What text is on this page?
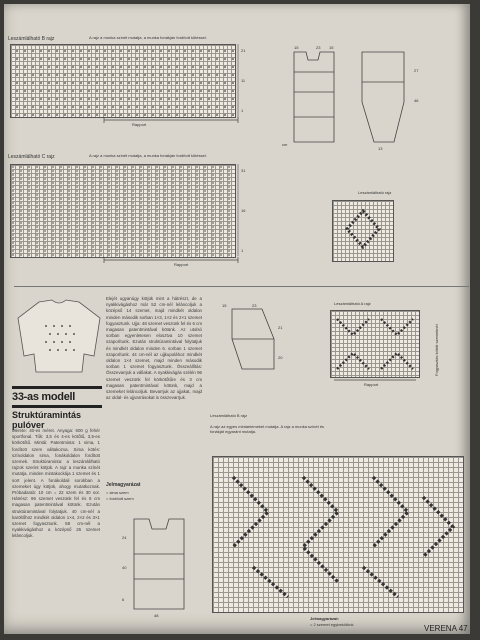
Leszámlálható B rajz	A rajz a munka színét mutatja, a munka fonákján fordított kötéssel.
21
11
1
Rapport
15	23 15
cm
27
46
13
Leszámlálható C rajz	A rajz a munka színét mutatja, a munka fonákján fordított kötéssel.
31
16
1
Rapport
Leszámlálható rajz
33-as modell
Struktúramintás
pulóver
Mérete: 40-es méret. Anyaga: 600 g fehér sportfonal. Tűk: 3,5 és 4-es kötőtű, 3,5-es körkötőtű. Mintái: Patentminta: 1 sima, 1 fordított szem váltakozva. Sima kötés: színoldalon sima, fonákoldalon fordított szemek. Struktúraminta: a leszámlálható rajzok szerint kötjük. A rajz a munka színét mutatja, minden mintakockája 1 szemet és 1 sort jelent. A fonákoldali sorokban a szemeket úgy kötjük, ahogy mutatkoznak. Próbadarab: 10 cm = 22 szem és 30 sor. Hátrész: 96 szemet veszünk fel és 6 cm magasan patentmintával kötünk. Ezután struktúramintával folytatjuk. 40 cm-nél a karöltőhöz mindkét oldalon 1×4, 2×2 és 3×1 szemet fogyasztunk. 58 cm-nél a nyakkivágáshoz a középső 26 szemet leláncoljuk.
Elejét ugyanúgy kötjük mint a hátrészt, de a nyakkivágáshoz már 52 cm-nél leláncoljuk a középső 14 szemet, majd mindkét oldalon minden második sorban 1×3, 1×2 és 2×1 szemet fogyasztunk. Ujja: 48 szemet veszünk fel és 6 cm magasan patentmintával kötünk. Az utolsó sorban egyenletesen elosztva 10 szemet szaporítunk. Ezután struktúramintával folytatjuk és mindkét oldalon minden 6. sorban 1 szemet szaporítunk. 44 cm-nél az ujjkupolához mindkét oldalon 1×4 szemet, majd minden második sorban 1 szemet fogyasztunk. Összeállítás: Összevarrjuk a vállakat. A nyakkivágás szélén 96 szemet veszünk fel körkötőtűre és 3 cm magasan patentmintával kötünk, majd a szemeket leláncoljuk. Bevarrjuk az ujjakat, majd az oldal- és ujjvarrásokat is összevarrjuk.
Jelmagyarázat
= sima szem
= fordított szem
24
40
6
48
15	23
21
20
Leszámlálható A rajz
Rapport
Fogyasztás kötött szemeknél
Leszámlálható B rajz
A rajz az egyes mintaelemeket mutatja. A rajz a munka színét és fonákját egyaránt mutatja.
Jelmagyarázat:
= 2 szemet egybekötünk	VERENA 47
